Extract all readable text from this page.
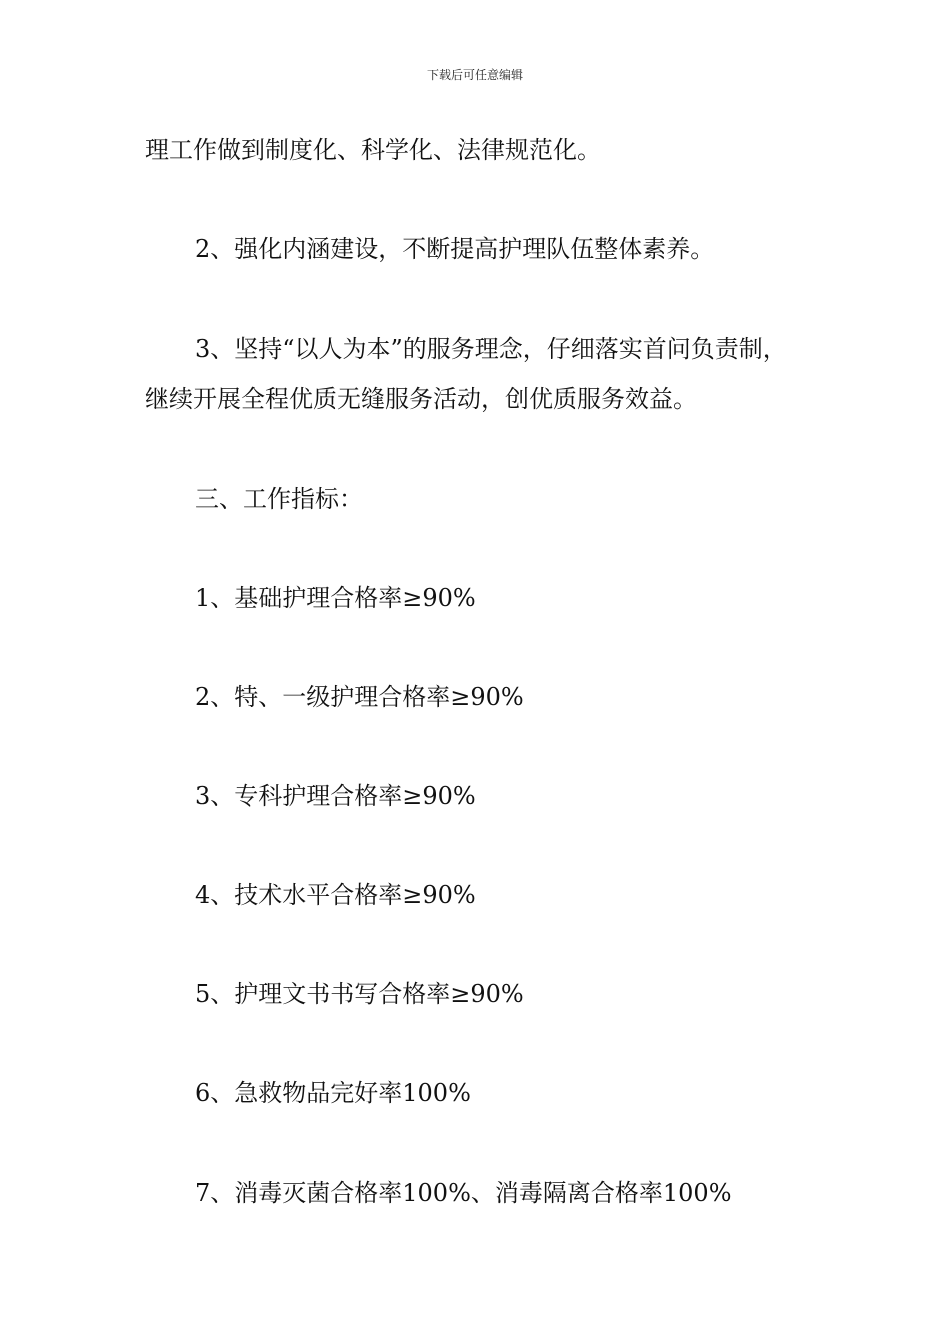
下载后可任意编辑
理工作做到制度化、科学化、法律规范化。
2、强化内涵建设，不断提高护理队伍整体素养。
3、坚持“以人为本”的服务理念，仔细落实首问负责制，继续开展全程优质无缝服务活动，创优质服务效益。
三、工作指标：
1、基础护理合格率≥90%
2、特、一级护理合格率≥90%
3、专科护理合格率≥90%
4、技术水平合格率≥90%
5、护理文书书写合格率≥90%
6、急救物品完好率100%
7、消毒灭菌合格率100%、消毒隔离合格率100%
